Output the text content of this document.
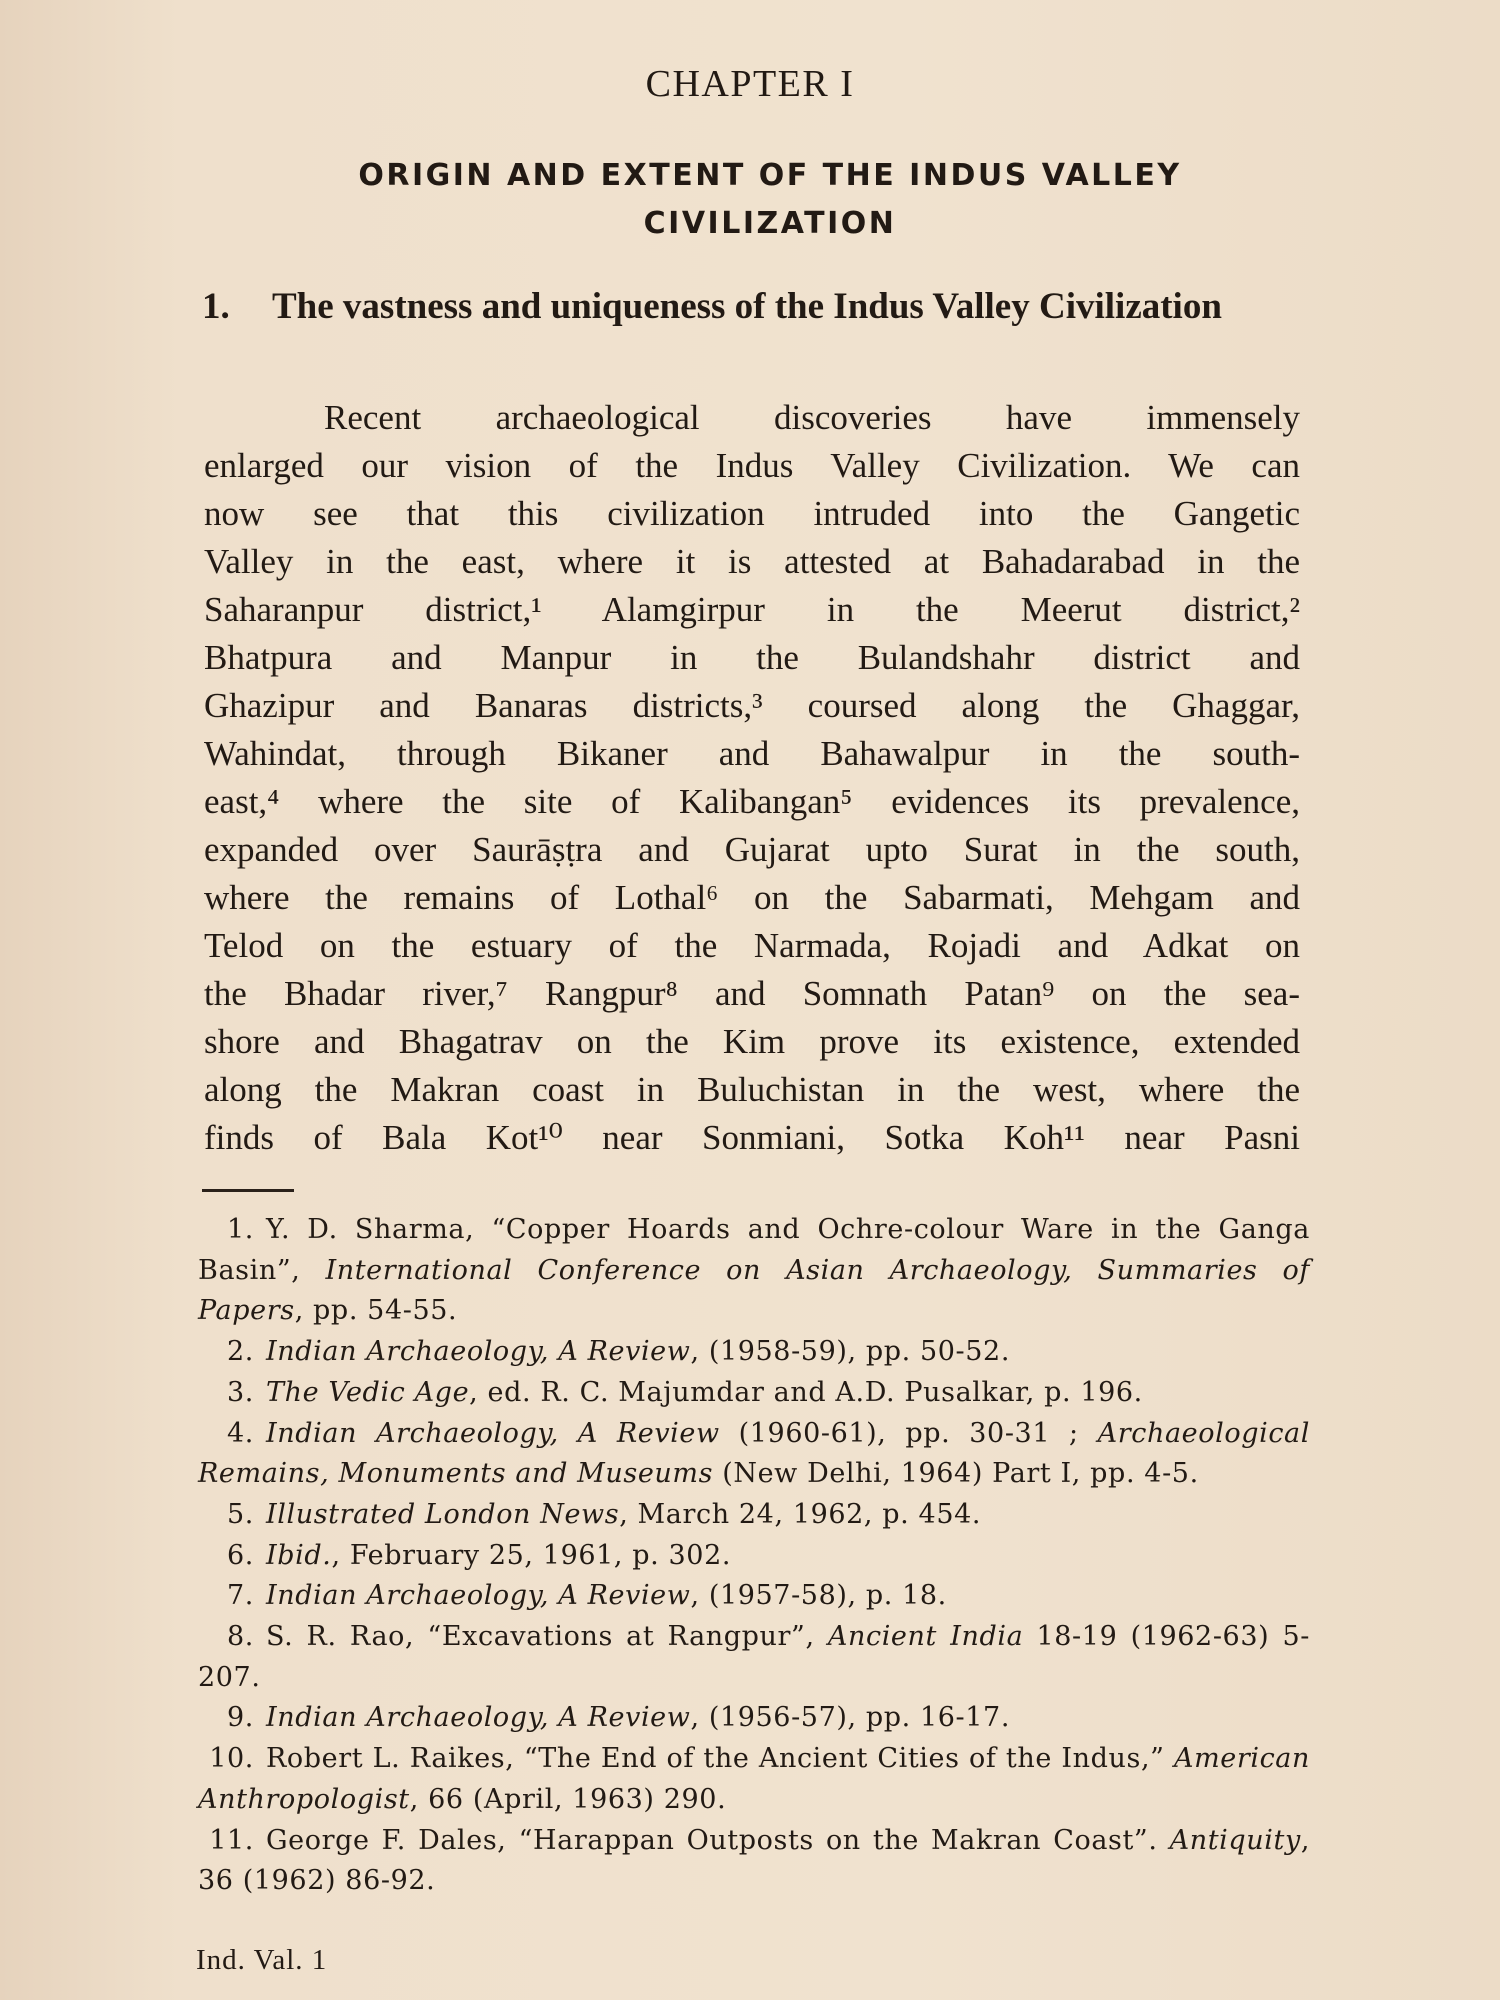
CHAPTER I
ORIGIN AND EXTENT OF THE INDUS VALLEY
CIVILIZATION
1. The vastness and uniqueness of the Indus Valley Civilization
Recent archaeological discoveries have immensely
enlarged our vision of the Indus Valley Civilization. We can
now see that this civilization intruded into the Gangetic
Valley in the east, where it is attested at Bahadarabad in the
Saharanpur district,¹ Alamgirpur in the Meerut district,²
Bhatpura and Manpur in the Bulandshahr district and
Ghazipur and Banaras districts,³ coursed along the Ghaggar,
Wahindat, through Bikaner and Bahawalpur in the south-
east,⁴ where the site of Kalibangan⁵ evidences its prevalence,
expanded over Saurāṣṭra and Gujarat upto Surat in the south,
where the remains of Lothal⁶ on the Sabarmati, Mehgam and
Telod on the estuary of the Narmada, Rojadi and Adkat on
the Bhadar river,⁷ Rangpur⁸ and Somnath Patan⁹ on the sea-
shore and Bhagatrav on the Kim prove its existence, extended
along the Makran coast in Buluchistan in the west, where the
finds of Bala Kot¹⁰ near Sonmiani, Sotka Koh¹¹ near Pasni
1. Y. D. Sharma, “Copper Hoards and Ochre-colour Ware in the Ganga Basin”, International Conference on Asian Archaeology, Summaries of Papers, pp. 54-55.
2. Indian Archaeology, A Review, (1958-59), pp. 50-52.
3. The Vedic Age, ed. R. C. Majumdar and A.D. Pusalkar, p. 196.
4. Indian Archaeology, A Review (1960-61), pp. 30-31 ; Archaeological Remains, Monuments and Museums (New Delhi, 1964) Part I, pp. 4-5.
5. Illustrated London News, March 24, 1962, p. 454.
6. Ibid., February 25, 1961, p. 302.
7. Indian Archaeology, A Review, (1957-58), p. 18.
8. S. R. Rao, “Excavations at Rangpur”, Ancient India 18-19 (1962-63) 5-207.
9. Indian Archaeology, A Review, (1956-57), pp. 16-17.
10. Robert L. Raikes, “The End of the Ancient Cities of the Indus,” American Anthropologist, 66 (April, 1963) 290.
11. George F. Dales, “Harappan Outposts on the Makran Coast”. Antiquity, 36 (1962) 86-92.
Ind. Val. 1
